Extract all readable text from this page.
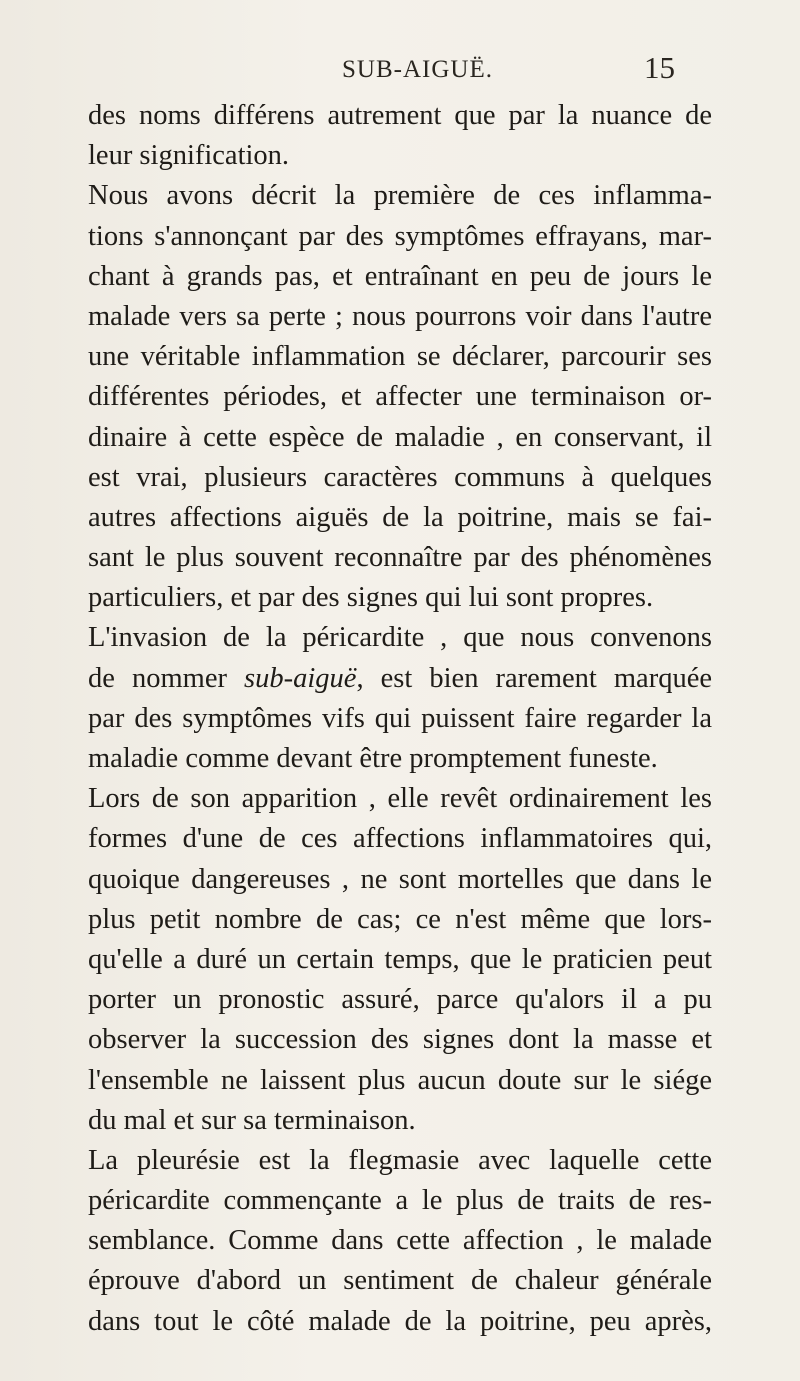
SUB-AIGUË.	15
des noms différens autrement que par la nuance de
leur signification.
Nous avons décrit la première de ces inflamma-
tions s'annonçant par des symptômes effrayans, mar-
chant à grands pas, et entraînant en peu de jours le
malade vers sa perte ; nous pourrons voir dans l'autre
une véritable inflammation se déclarer, parcourir ses
différentes périodes, et affecter une terminaison or-
dinaire à cette espèce de maladie , en conservant, il
est vrai, plusieurs caractères communs à quelques
autres affections aiguës de la poitrine, mais se fai-
sant le plus souvent reconnaître par des phénomènes
particuliers, et par des signes qui lui sont propres.
L'invasion de la péricardite , que nous convenons
de nommer sub-aiguë, est bien rarement marquée
par des symptômes vifs qui puissent faire regarder la
maladie comme devant être promptement funeste.
Lors de son apparition , elle revêt ordinairement les
formes d'une de ces affections inflammatoires qui,
quoique dangereuses , ne sont mortelles que dans le
plus petit nombre de cas; ce n'est même que lors-
qu'elle a duré un certain temps, que le praticien peut
porter un pronostic assuré, parce qu'alors il a pu
observer la succession des signes dont la masse et
l'ensemble ne laissent plus aucun doute sur le siége
du mal et sur sa terminaison.
La pleurésie est la flegmasie avec laquelle cette
péricardite commençante a le plus de traits de res-
semblance. Comme dans cette affection , le malade
éprouve d'abord un sentiment de chaleur générale
dans tout le côté malade de la poitrine, peu après,
